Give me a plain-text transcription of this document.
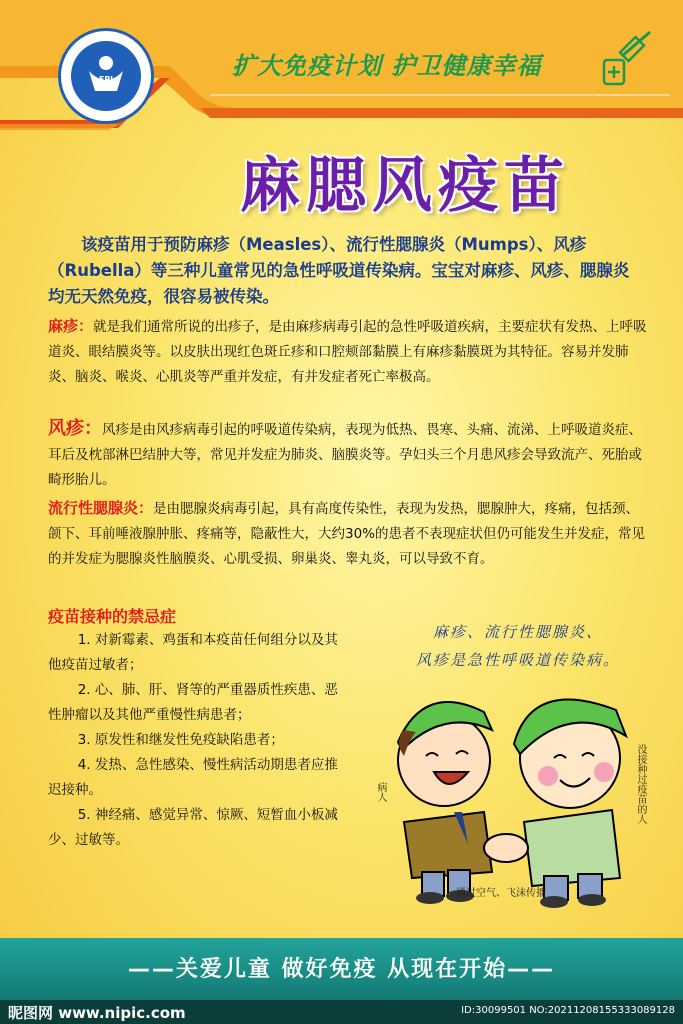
EPI	扩大免疫计划 护卫健康幸福
麻腮风疫苗
该疫苗用于预防麻疹（Measles）、流行性腮腺炎（Mumps）、风疹（Rubella）等三种儿童常见的急性呼吸道传染病。宝宝对麻疹、风疹、腮腺炎均无天然免疫，很容易被传染。
麻疹：就是我们通常所说的出疹子，是由麻疹病毒引起的急性呼吸道疾病，主要症状有发热、上呼吸道炎、眼结膜炎等。以皮肤出现红色斑丘疹和口腔颊部黏膜上有麻疹黏膜斑为其特征。容易并发肺炎、脑炎、喉炎、心肌炎等严重并发症，有并发症者死亡率极高。
风疹：风疹是由风疹病毒引起的呼吸道传染病，表现为低热、畏寒、头痛、流涕、上呼吸道炎症、耳后及枕部淋巴结肿大等，常见并发症为肺炎、脑膜炎等。孕妇头三个月患风疹会导致流产、死胎或畸形胎儿。
流行性腮腺炎：是由腮腺炎病毒引起，具有高度传染性，表现为发热，腮腺肿大，疼痛，包括颈、颌下、耳前唾液腺肿胀、疼痛等，隐蔽性大，大约30%的患者不表现症状但仍可能发生并发症，常见的并发症为腮腺炎性脑膜炎、心肌受损、卵巢炎、睾丸炎，可以导致不育。
疫苗接种的禁忌症

1. 对新霉素、鸡蛋和本疫苗任何组分以及其他疫苗过敏者；

2. 心、肺、肝、肾等的严重器质性疾患、恶性肿瘤以及其他严重慢性病患者；

3. 原发性和继发性免疫缺陷患者；

4. 发热、急性感染、慢性病活动期患者应推迟接种。

5. 神经痛、感觉异常、惊厥、短暂血小板减少、过敏等。

麻疹、流行性腮腺炎、
风疹是急性呼吸道传染病。
病人	没接种过疫苗的人
通过空气、飞沫传播
——关爱儿童 做好免疫 从现在开始——
昵图网 www.nipic.com	ID:30099501 NO:20211208155333089128
